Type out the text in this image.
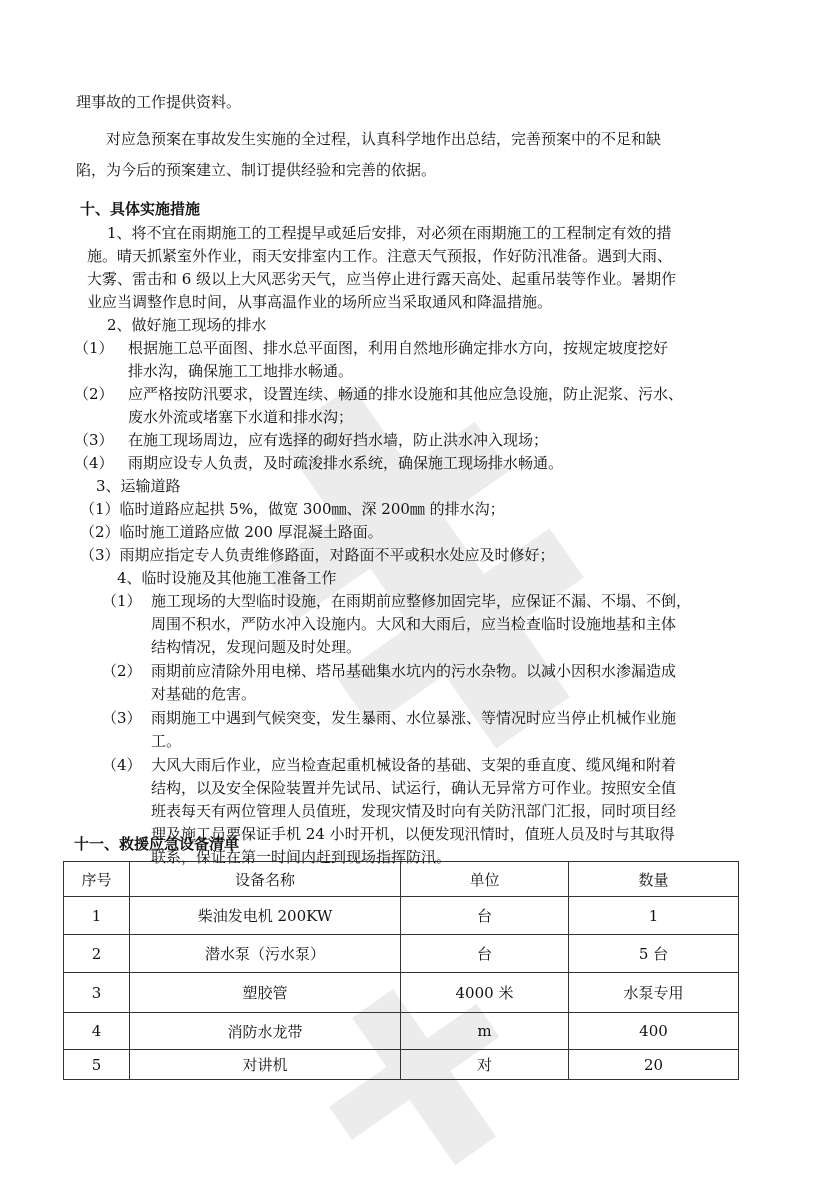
理事故的工作提供资料。
对应急预案在事故发生实施的全过程，认真科学地作出总结，完善预案中的不足和缺
陷，为今后的预案建立、制订提供经验和完善的依据。
十、具体实施措施
1、将不宜在雨期施工的工程提早或延后安排，对必须在雨期施工的工程制定有效的措
施。晴天抓紧室外作业，雨天安排室内工作。注意天气预报，作好防汛准备。遇到大雨、
大雾、雷击和 6 级以上大风恶劣天气，应当停止进行露天高处、起重吊装等作业。暑期作
业应当调整作息时间，从事高温作业的场所应当采取通风和降温措施。
2、做好施工现场的排水
（1） 根据施工总平面图、排水总平面图，利用自然地形确定排水方向，按规定坡度挖好
排水沟，确保施工工地排水畅通。
（2） 应严格按防汛要求，设置连续、畅通的排水设施和其他应急设施，防止泥浆、污水、
废水外流或堵塞下水道和排水沟；
（3） 在施工现场周边，应有选择的砌好挡水墙，防止洪水冲入现场；
（4） 雨期应设专人负责，及时疏浚排水系统，确保施工现场排水畅通。
3、运输道路
（1）临时道路应起拱 5%，做宽 300㎜、深 200㎜ 的排水沟；
（2）临时施工道路应做 200 厚混凝土路面。
（3）雨期应指定专人负责维修路面，对路面不平或积水处应及时修好；
4、临时设施及其他施工准备工作
（1） 施工现场的大型临时设施，在雨期前应整修加固完毕，应保证不漏、不塌、不倒，
周围不积水，严防水冲入设施内。大风和大雨后，应当检查临时设施地基和主体
结构情况，发现问题及时处理。
（2） 雨期前应清除外用电梯、塔吊基础集水坑内的污水杂物。以减小因积水渗漏造成
对基础的危害。
（3） 雨期施工中遇到气候突变，发生暴雨、水位暴涨、等情况时应当停止机械作业施
工。
（4） 大风大雨后作业，应当检查起重机械设备的基础、支架的垂直度、缆风绳和附着
结构，以及安全保险装置并先试吊、试运行，确认无异常方可作业。按照安全值
班表每天有两位管理人员值班，发现灾情及时向有关防汛部门汇报，同时项目经
理及施工员要保证手机 24 小时开机，以便发现汛情时，值班人员及时与其取得
联系，保证在第一时间内赶到现场指挥防汛。
十一、救援应急设备清单
序号	设备名称	单位	数量
1	柴油发电机 200KW	台	1
2	潜水泵（污水泵）	台	5 台
3	塑胶管	4000 米	水泵专用
4	消防水龙带	m	400
5	对讲机	对	20
